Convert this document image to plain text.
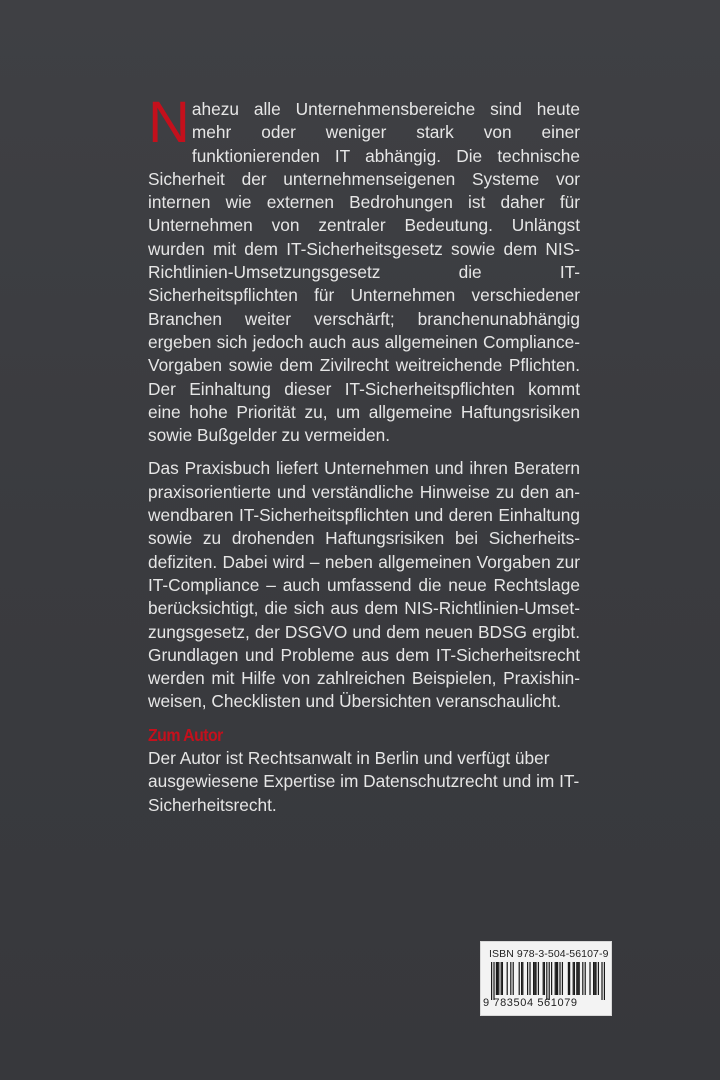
Nahezu alle Unternehmensbereiche sind heute mehr oder weniger stark von einer funktionierenden IT abhängig. Die technische Sicherheit der unternehmenseigenen Systeme vor internen wie externen Bedrohungen ist daher für Unternehmen von zentraler Bedeutung. Unlängst wurden mit dem IT-Sicherheitsgesetz sowie dem NIS-Richtlinien-Umsetzungsgesetz die IT-Sicherheitspflichten für Unternehmen verschiedener Branchen weiter verschärft; branchenunabhängig ergeben sich jedoch auch aus allgemeinen Compliance-Vorgaben sowie dem Zivilrecht weitreichende Pflichten. Der Einhaltung dieser IT-Sicherheitspflichten kommt eine hohe Priorität zu, um allgemeine Haftungsrisiken sowie Bußgelder zu vermeiden.

Das Praxisbuch liefert Unternehmen und ihren Beratern praxisorientierte und verständliche Hinweise zu den anwendbaren IT-Sicherheitspflichten und deren Einhaltung sowie zu drohenden Haftungsrisiken bei Sicherheitsdefiziten. Dabei wird – neben allgemeinen Vorgaben zur IT-Compliance – auch umfassend die neue Rechtslage berücksichtigt, die sich aus dem NIS-Richtlinien-Umsetzungsgesetz, der DSGVO und dem neuen BDSG ergibt. Grundlagen und Probleme aus dem IT-Sicherheitsrecht werden mit Hilfe von zahlreichen Beispielen, Praxishinweisen, Checklisten und Übersichten veranschaulicht.

Zum Autor

Der Autor ist Rechtsanwalt in Berlin und verfügt über ausgewiesene Expertise im Datenschutzrecht und im IT-Sicherheitsrecht.

ISBN 978-3-504-56107-9
9 783504 561079
